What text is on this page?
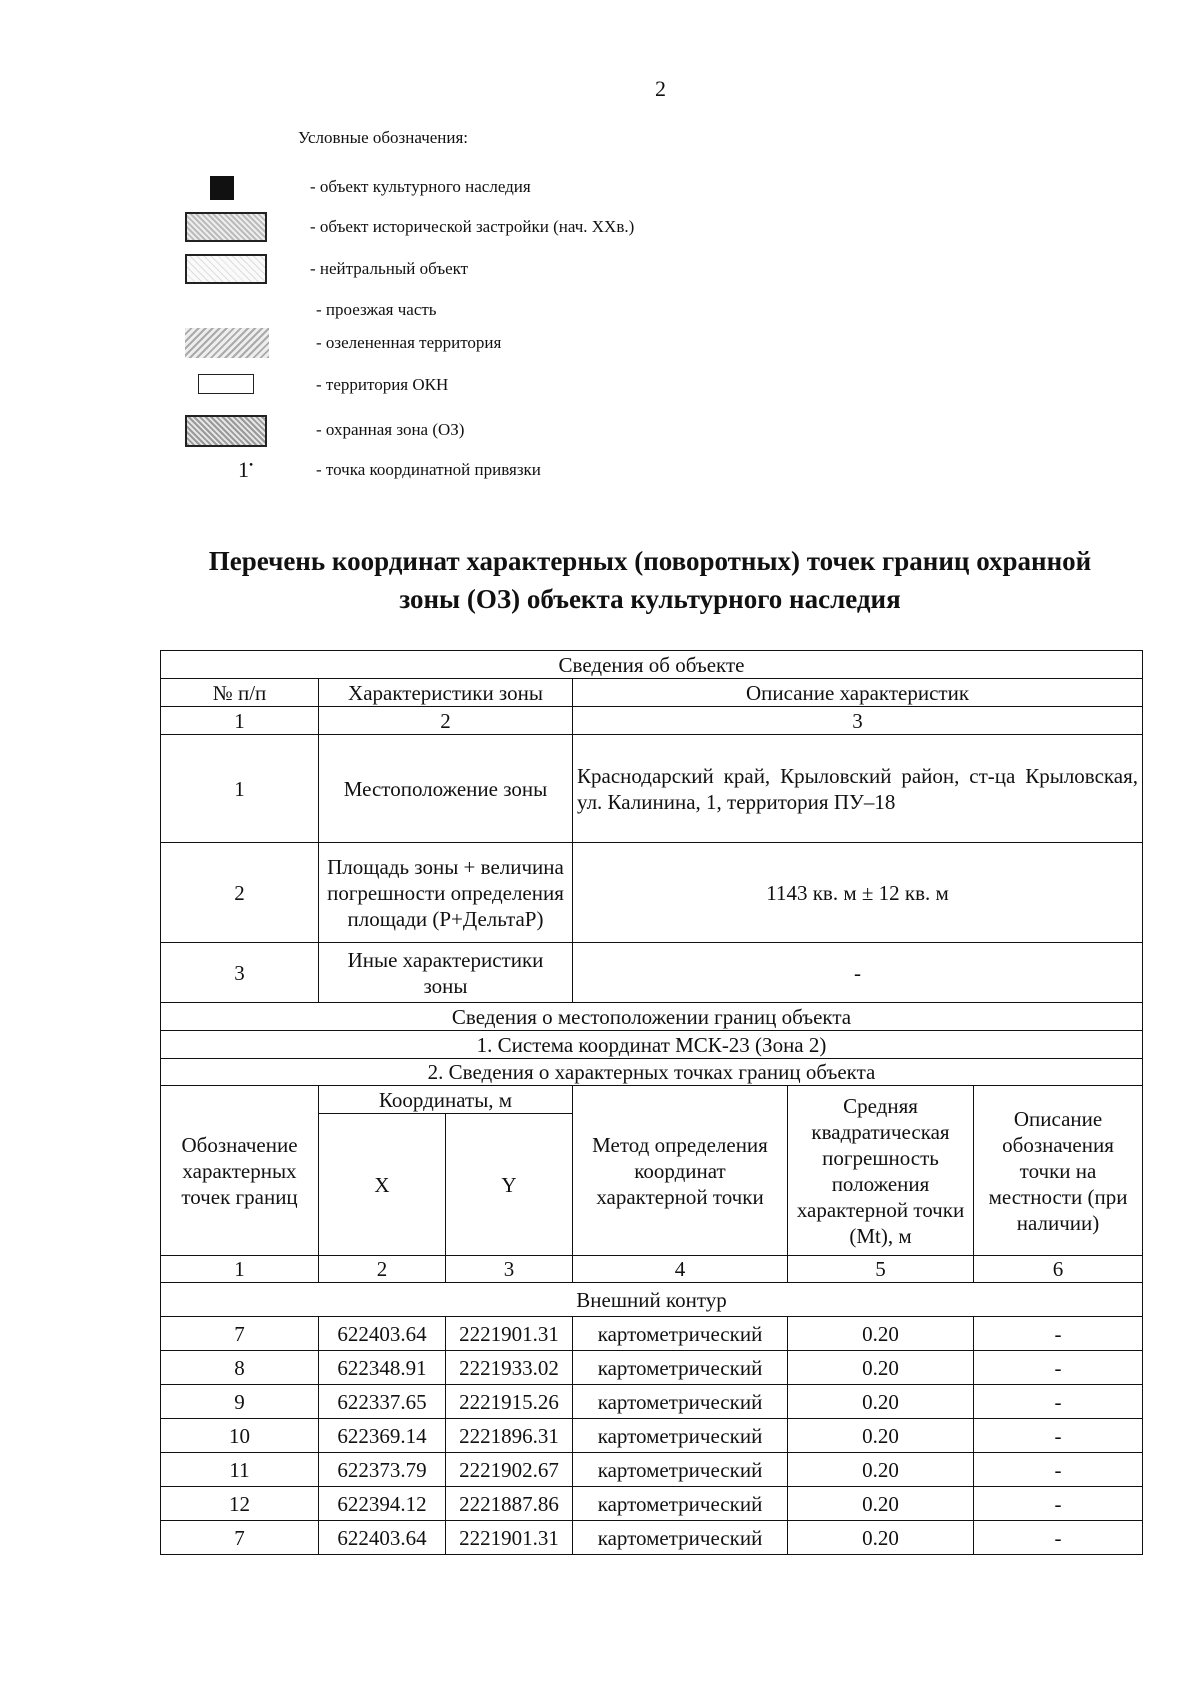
2
Условные обозначения:
- объект культурного наследия
- объект исторической застройки (нач. XXв.)
- нейтральный объект
- проезжая часть
- озелененная территория
- территория ОКН
- охранная зона (ОЗ)
1•	- точка координатной привязки
Перечень координат характерных (поворотных) точек границ охранной
зоны (ОЗ) объекта культурного наследия
Сведения об объекте					
№ п/п	Характеристики зоны		Описание характеристик		
1	2		3		
1	Местоположение зоны		Краснодарский край, Крыловский район, ст-ца Крыловская, ул. Калинина, 1, территория ПУ–18		
2	Площадь зоны + величина погрешности определения площади (Р+ДельтаР)		1143 кв. м ± 12 кв. м		
3	Иные характеристики зоны		-		
Сведения о местоположении границ объекта					
1. Система координат МСК-23 (Зона 2)					
2. Сведения о характерных точках границ объекта					
Обозначение характерных точек границ	Координаты, м		Метод определения координат характерной точки	Средняя квадратическая погрешность положения характерной точки (Mt), м	Описание обозначения точки на местности (при наличии)
	X	Y			
1	2	3	4	5	6
Внешний контур					
7	622403.64	2221901.31	картометрический	0.20	-
8	622348.91	2221933.02	картометрический	0.20	-
9	622337.65	2221915.26	картометрический	0.20	-
10	622369.14	2221896.31	картометрический	0.20	-
11	622373.79	2221902.67	картометрический	0.20	-
12	622394.12	2221887.86	картометрический	0.20	-
7	622403.64	2221901.31	картометрический	0.20	-
